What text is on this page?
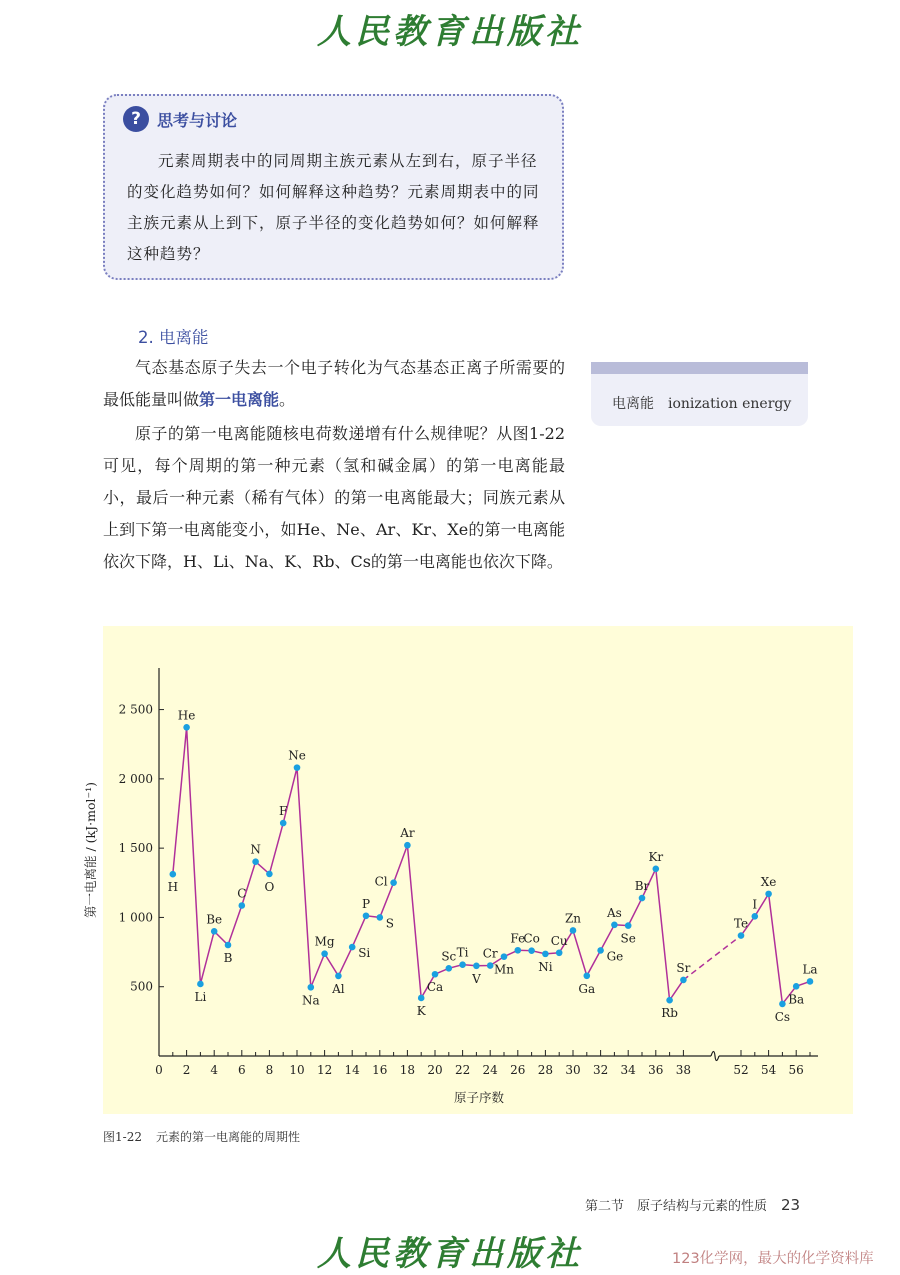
人民教育出版社
?	思考与讨论
元素周期表中的同周期主族元素从左到右，原子半径的变化趋势如何？如何解释这种趋势？元素周期表中的同主族元素从上到下，原子半径的变化趋势如何？如何解释这种趋势？
2. 电离能
气态基态原子失去一个电子转化为气态基态正离子所需要的最低能量叫做第一电离能。
原子的第一电离能随核电荷数递增有什么规律呢？从图1-22可见，每个周期的第一种元素（氢和碱金属）的第一电离能最小，最后一种元素（稀有气体）的第一电离能最大；同族元素从上到下第一电离能变小，如He、Ne、Ar、Kr、Xe的第一电离能依次下降，H、Li、Na、K、Rb、Cs的第一电离能也依次下降。
电离能 ionization energy
500
1 000
1 500
2 000
2 500
0 2 4 6 8 10 12 14 16 18 20 22 24 26 28 30 32 34 36 38	52 54 56
H
He
Li
Be
B
C
N
O
F
Ne
Na
Mg
Al
Si
P
S
Cl
Ar
K
Ca
Sc Ti
V
Cr
Mn
Fe
Co
Ni
Cu
Zn
Ga
Ge
As
Se
Br
Kr
Rb
Sr
Te
I
Xe
Cs
Ba
La
第一电离能 / (kJ·mol⁻¹)
原子序数
图1-22 元素的第一电离能的周期性
第二节　原子结构与元素的性质 23
人民教育出版社	123化学网，最大的化学资料库
